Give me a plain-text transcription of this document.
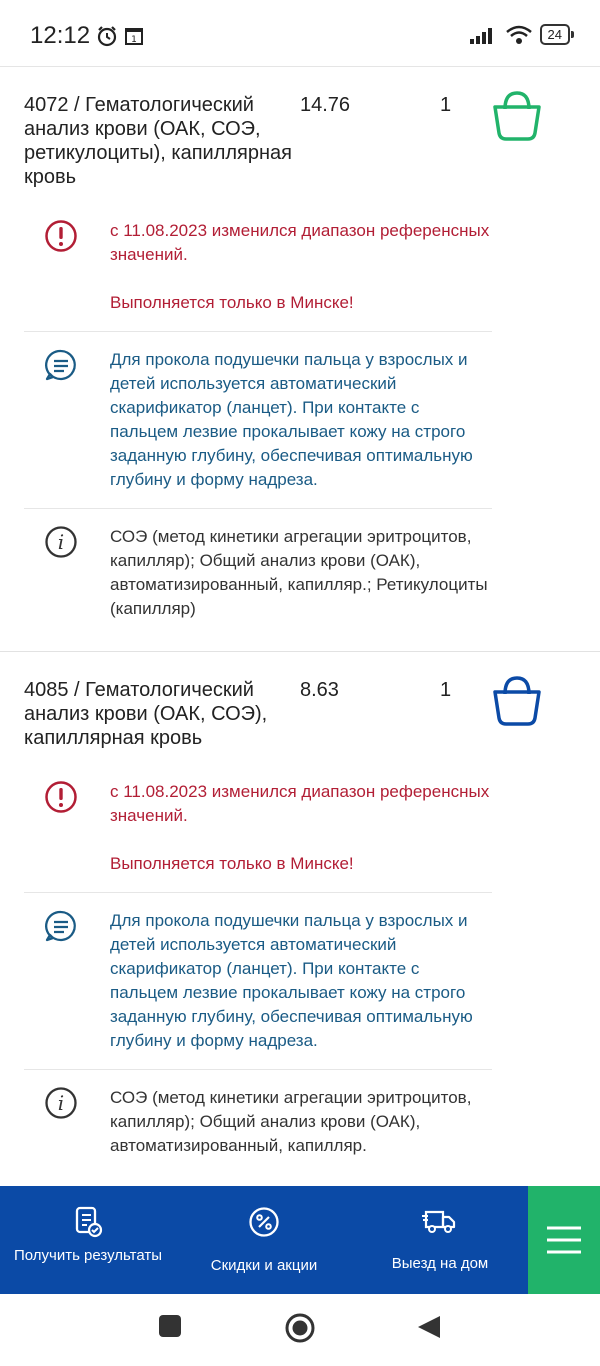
12:12	1	24
4072 / Гематологический анализ крови (ОАК, СОЭ, ретикулоциты), капиллярная кровь
14.76	1

с 11.08.2023 изменился диапазон референсных значений.

Выполняется только в Минске!

Для прокола подушечки пальца у взрослых и детей используется автоматический скарификатор (ланцет). При контакте с пальцем лезвие прокалывает кожу на строго заданную глубину, обеспечивая оптимальную глубину и форму надреза.
i	СОЭ (метод кинетики агрегации эритроцитов, капилляр); Общий анализ крови (ОАК), автоматизированный, капилляр.; Ретикулоциты (капилляр)
4085 / Гематологический анализ крови (ОАК, СОЭ), капиллярная кровь
8.63	1

с 11.08.2023 изменился диапазон референсных значений.

Выполняется только в Минске!

Для прокола подушечки пальца у взрослых и детей используется автоматический скарификатор (ланцет). При контакте с пальцем лезвие прокалывает кожу на строго заданную глубину, обеспечивая оптимальную глубину и форму надреза.
i	СОЭ (метод кинетики агрегации эритроцитов, капилляр); Общий анализ крови (ОАК), автоматизированный, капилляр.
Получить результаты
Скидки и акции	Выезд на дом
